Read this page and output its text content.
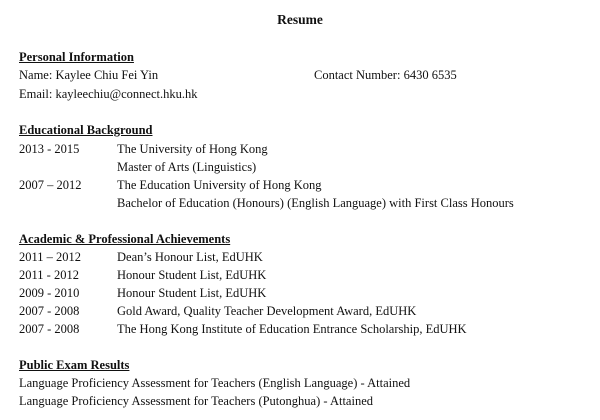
Resume
Personal Information
Name: Kaylee Chiu Fei Yin	Contact Number: 6430 6535
Email: kayleechiu@connect.hku.hk
Educational Background
2013 - 2015	The University of Hong Kong
Master of Arts (Linguistics)
2007 – 2012	The Education University of Hong Kong
Bachelor of Education (Honours) (English Language) with First Class Honours
Academic & Professional Achievements
2011 – 2012	Dean’s Honour List, EdUHK
2011 - 2012	Honour Student List, EdUHK
2009 - 2010	Honour Student List, EdUHK
2007 - 2008	Gold Award, Quality Teacher Development Award, EdUHK
2007 - 2008	The Hong Kong Institute of Education Entrance Scholarship, EdUHK
Public Exam Results
Language Proficiency Assessment for Teachers (English Language) - Attained
Language Proficiency Assessment for Teachers (Putonghua) - Attained
